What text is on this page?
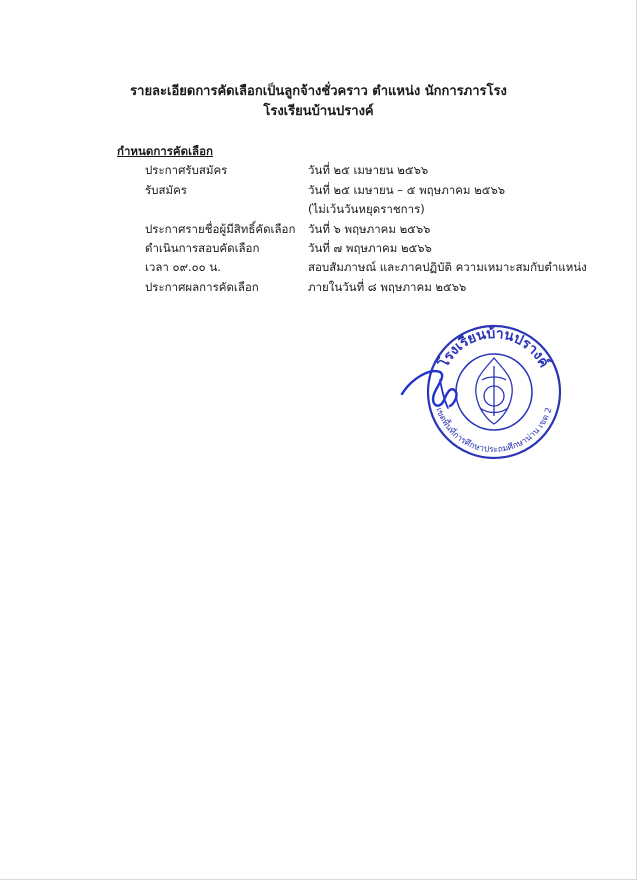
รายละเอียดการคัดเลือกเป็นลูกจ้างชั่วคราว ตำแหน่ง นักการภารโรง
โรงเรียนบ้านปรางค์
กำหนดการคัดเลือก
ประกาศรับสมัคร	วันที่ ๒๕ เมษายน ๒๕๖๖
รับสมัคร	วันที่ ๒๕ เมษายน – ๕ พฤษภาคม ๒๕๖๖
(ไม่เว้นวันหยุดราชการ)
ประกาศรายชื่อผู้มีสิทธิ์คัดเลือก วันที่ ๖ พฤษภาคม ๒๕๖๖
ดำเนินการสอบคัดเลือก	วันที่ ๗ พฤษภาคม ๒๕๖๖
เวลา ๐๙.๐๐ น.	สอบสัมภาษณ์ และภาคปฏิบัติ ความเหมาะสมกับตำแหน่ง
ประกาศผลการคัดเลือก	ภายในวันที่ ๘ พฤษภาคม ๒๕๖๖
โรงเรียนบ้านปรางค์
เขตพื้นที่การศึกษาประถมศึกษาน่าน เขต 2
